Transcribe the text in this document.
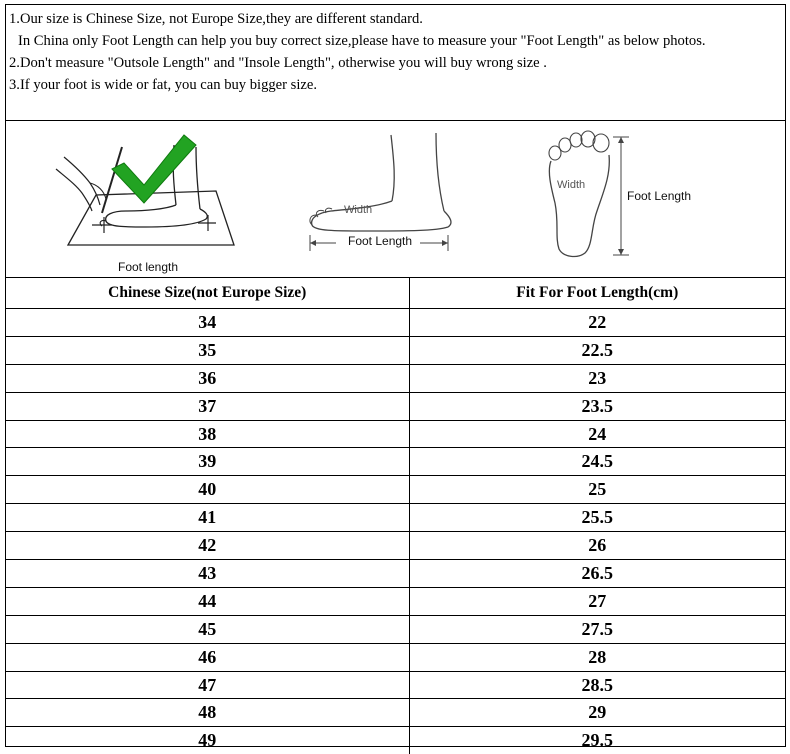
1.Our size is Chinese Size, not Europe Size,they are different standard.
In China only Foot Length can help you buy correct size,please have to measure your "Foot Length" as below photos.
2.Don't measure "Outsole Length" and "Insole Length", otherwise you will buy wrong size .
3.If your foot is wide or fat, you can buy bigger size.
Foot length
Width
Foot Length
Width
Foot Length
Chinese Size(not Europe Size)	Fit For Foot Length(cm)
34	22
35	22.5
36	23
37	23.5
38	24
39	24.5
40	25
41	25.5
42	26
43	26.5
44	27
45	27.5
46	28
47	28.5
48	29
49	29.5
